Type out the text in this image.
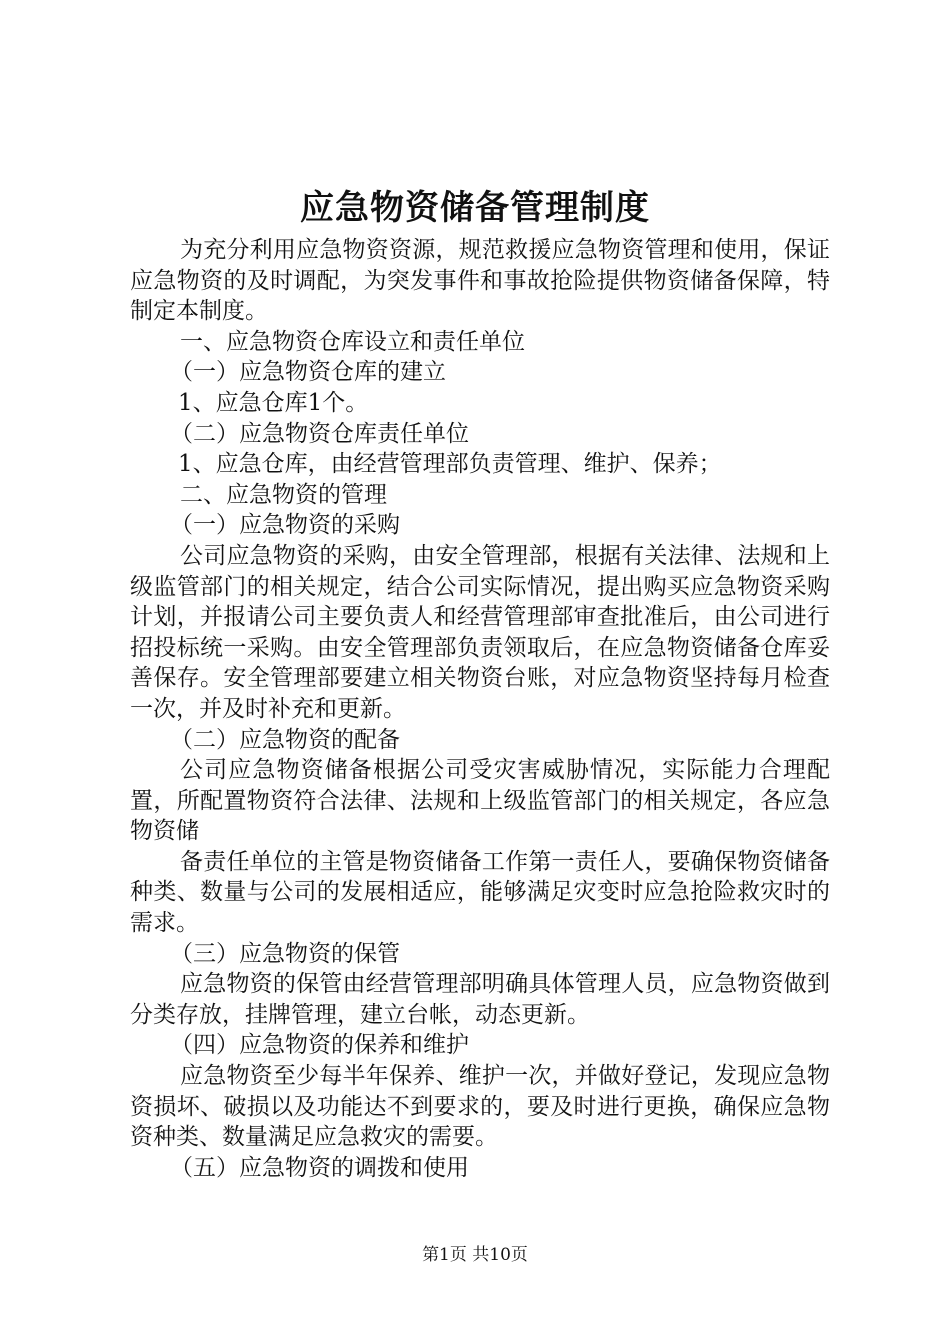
应急物资储备管理制度

为充分利用应急物资资源，规范救援应急物资管理和使用，保证应急物资的及时调配，为突发事件和事故抢险提供物资储备保障，特制定本制度。

一、应急物资仓库设立和责任单位

（一）应急物资仓库的建立

1、应急仓库1个。

（二）应急物资仓库责任单位

1、应急仓库，由经营管理部负责管理、维护、保养；

二、应急物资的管理

（一）应急物资的采购

公司应急物资的采购，由安全管理部，根据有关法律、法规和上级监管部门的相关规定，结合公司实际情况，提出购买应急物资采购计划，并报请公司主要负责人和经营管理部审查批准后，由公司进行招投标统一采购。由安全管理部负责领取后，在应急物资储备仓库妥善保存。安全管理部要建立相关物资台账，对应急物资坚持每月检查一次，并及时补充和更新。

（二）应急物资的配备

公司应急物资储备根据公司受灾害威胁情况，实际能力合理配置，所配置物资符合法律、法规和上级监管部门的相关规定，各应急物资储

备责任单位的主管是物资储备工作第一责任人，要确保物资储备种类、数量与公司的发展相适应，能够满足灾变时应急抢险救灾时的需求。

（三）应急物资的保管

应急物资的保管由经营管理部明确具体管理人员，应急物资做到分类存放，挂牌管理，建立台帐，动态更新。

（四）应急物资的保养和维护

应急物资至少每半年保养、维护一次，并做好登记，发现应急物资损坏、破损以及功能达不到要求的，要及时进行更换，确保应急物资种类、数量满足应急救灾的需要。

（五）应急物资的调拨和使用

第1页 共10页
